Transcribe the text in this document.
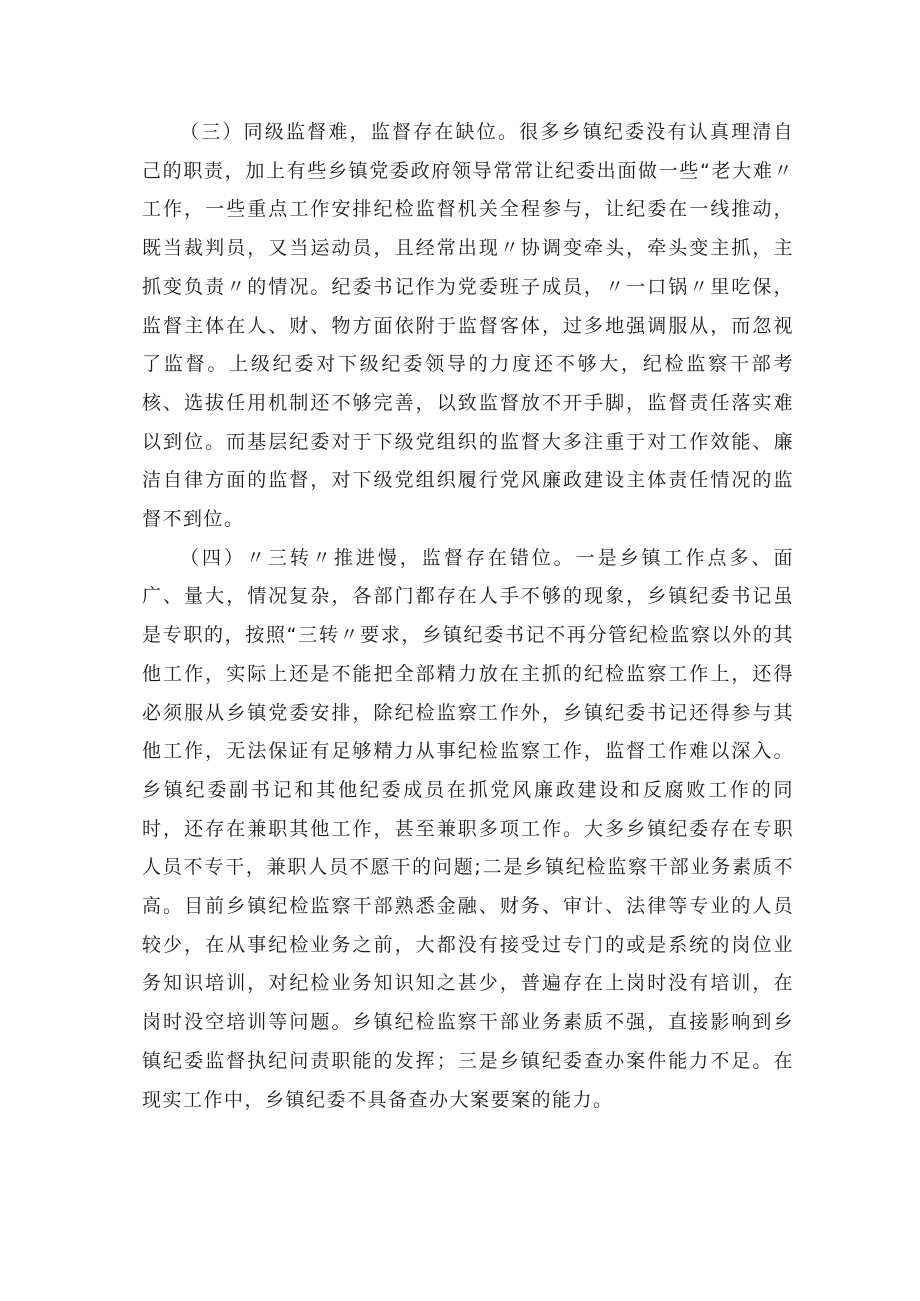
（三）同级监督难，监督存在缺位。很多乡镇纪委没有认真理清自己的职责，加上有些乡镇党委政府领导常常让纪委出面做一些“老大难〃工作，一些重点工作安排纪检监督机关全程参与，让纪委在一线推动，既当裁判员，又当运动员，且经常出现〃协调变牵头，牵头变主抓，主抓变负责〃的情况。纪委书记作为党委班子成员，〃一口锅〃里吃保，监督主体在人、财、物方面依附于监督客体，过多地强调服从，而忽视了监督。上级纪委对下级纪委领导的力度还不够大，纪检监察干部考核、选拔任用机制还不够完善，以致监督放不开手脚，监督责任落实难以到位。而基层纪委对于下级党组织的监督大多注重于对工作效能、廉洁自律方面的监督，对下级党组织履行党风廉政建设主体责任情况的监督不到位。

（四）〃三转〃推进慢，监督存在错位。一是乡镇工作点多、面广、量大，情况复杂，各部门都存在人手不够的现象，乡镇纪委书记虽是专职的，按照“三转〃要求，乡镇纪委书记不再分管纪检监察以外的其他工作，实际上还是不能把全部精力放在主抓的纪检监察工作上，还得必须服从乡镇党委安排，除纪检监察工作外，乡镇纪委书记还得参与其他工作，无法保证有足够精力从事纪检监察工作，监督工作难以深入。乡镇纪委副书记和其他纪委成员在抓党风廉政建设和反腐败工作的同时，还存在兼职其他工作，甚至兼职多项工作。大多乡镇纪委存在专职人员不专干，兼职人员不愿干的问题;二是乡镇纪检监察干部业务素质不高。目前乡镇纪检监察干部熟悉金融、财务、审计、法律等专业的人员较少，在从事纪检业务之前，大都没有接受过专门的或是系统的岗位业务知识培训，对纪检业务知识知之甚少，普遍存在上岗时没有培训，在岗时没空培训等问题。乡镇纪检监察干部业务素质不强，直接影响到乡镇纪委监督执纪问责职能的发挥；三是乡镇纪委查办案件能力不足。在现实工作中，乡镇纪委不具备查办大案要案的能力。
